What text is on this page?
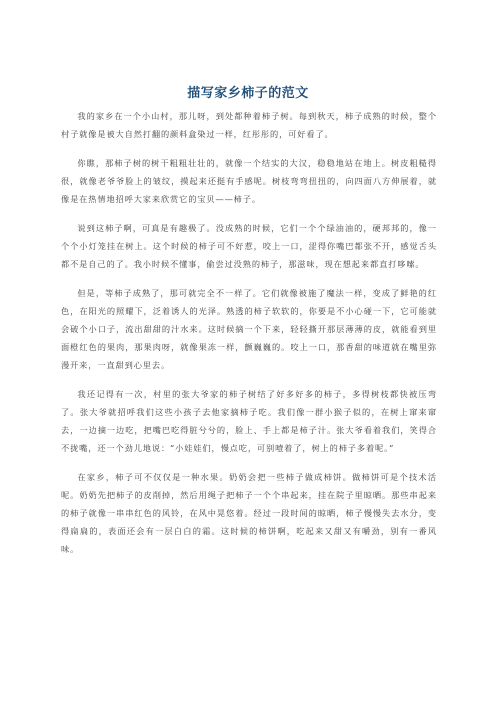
描写家乡柿子的范文

我的家乡在一个小山村，那儿呀，到处都种着柿子树。每到秋天，柿子成熟的时候，整个村子就像是被大自然打翻的颜料盒染过一样，红彤彤的，可好看了。

你瞧，那柿子树的树干粗粗壮壮的，就像一个结实的大汉，稳稳地站在地上。树皮粗糙得很，就像老爷爷脸上的皱纹，摸起来还挺有手感呢。树枝弯弯扭扭的，向四面八方伸展着，就像是在热情地招呼大家来欣赏它的宝贝——柿子。

说到这柿子啊，可真是有趣极了。没成熟的时候，它们一个个绿油油的，硬邦邦的，像一个个小灯笼挂在树上。这个时候的柿子可不好惹，咬上一口，涩得你嘴巴都张不开，感觉舌头都不是自己的了。我小时候不懂事，偷尝过没熟的柿子，那滋味，现在想起来都直打哆嗦。

但是，等柿子成熟了，那可就完全不一样了。它们就像被施了魔法一样，变成了鲜艳的红色，在阳光的照耀下，泛着诱人的光泽。熟透的柿子软软的，你要是不小心碰一下，它可能就会破个小口子，流出甜甜的汁水来。这时候摘一个下来，轻轻撕开那层薄薄的皮，就能看到里面橙红色的果肉，那果肉呀，就像果冻一样，颤巍巍的。咬上一口，那香甜的味道就在嘴里弥漫开来，一直甜到心里去。

我还记得有一次，村里的张大爷家的柿子树结了好多好多的柿子，多得树枝都快被压弯了。张大爷就招呼我们这些小孩子去他家摘柿子吃。我们像一群小猴子似的，在树上窜来窜去，一边摘一边吃，把嘴巴吃得脏兮兮的，脸上、手上都是柿子汁。张大爷看着我们，笑得合不拢嘴，还一个劲儿地说：“小娃娃们，慢点吃，可别噎着了，树上的柿子多着呢。”

在家乡，柿子可不仅仅是一种水果。奶奶会把一些柿子做成柿饼。做柿饼可是个技术活呢。奶奶先把柿子的皮削掉，然后用绳子把柿子一个个串起来，挂在院子里晾晒。那些串起来的柿子就像一串串红色的风铃，在风中晃悠着。经过一段时间的晾晒，柿子慢慢失去水分，变得扁扁的，表面还会有一层白白的霜。这时候的柿饼啊，吃起来又甜又有嚼劲，别有一番风味。
